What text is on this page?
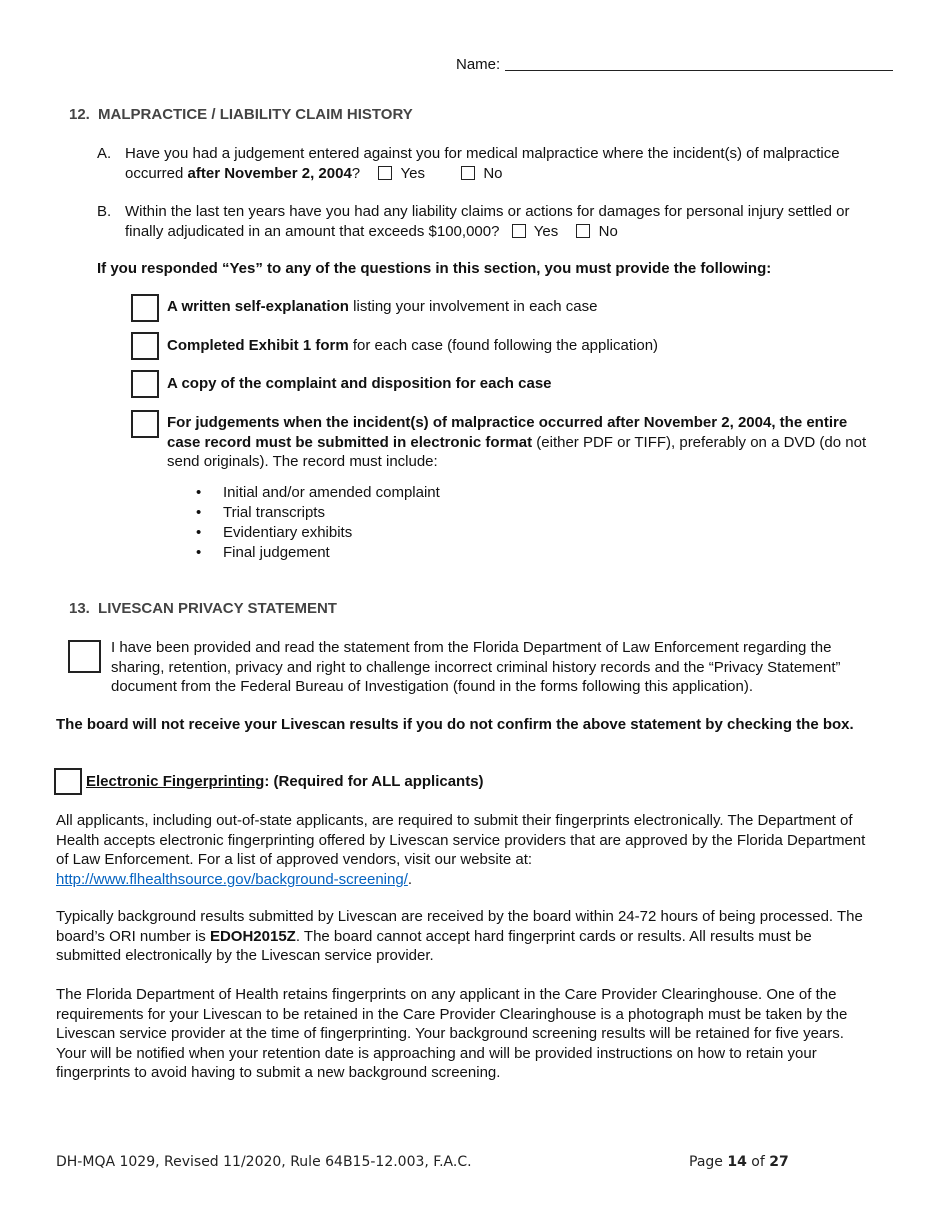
Name:
12. MALPRACTICE / LIABILITY CLAIM HISTORY
A. Have you had a judgement entered against you for medical malpractice where the incident(s) of malpractice
occurred after November 2, 2004?	Yes	No
B. Within the last ten years have you had any liability claims or actions for damages for personal injury settled or
finally adjudicated in an amount that exceeds $100,000? Yes	No
If you responded “Yes” to any of the questions in this section, you must provide the following:
A written self-explanation listing your involvement in each case
Completed Exhibit 1 form for each case (found following the application)
A copy of the complaint and disposition for each case
For judgements when the incident(s) of malpractice occurred after November 2, 2004, the entire
case record must be submitted in electronic format (either PDF or TIFF), preferably on a DVD (do not
send originals). The record must include:
• Initial and/or amended complaint
• Trial transcripts
• Evidentiary exhibits
• Final judgement
13. LIVESCAN PRIVACY STATEMENT
I have been provided and read the statement from the Florida Department of Law Enforcement regarding the
sharing, retention, privacy and right to challenge incorrect criminal history records and the “Privacy Statement”
document from the Federal Bureau of Investigation (found in the forms following this application).
The board will not receive your Livescan results if you do not confirm the above statement by checking the box.
Electronic Fingerprinting: (Required for ALL applicants)
All applicants, including out-of-state applicants, are required to submit their fingerprints electronically. The Department of
Health accepts electronic fingerprinting offered by Livescan service providers that are approved by the Florida Department
of Law Enforcement. For a list of approved vendors, visit our website at:
http://www.flhealthsource.gov/background-screening/.
Typically background results submitted by Livescan are received by the board within 24-72 hours of being processed. The
board’s ORI number is EDOH2015Z. The board cannot accept hard fingerprint cards or results. All results must be
submitted electronically by the Livescan service provider.
The Florida Department of Health retains fingerprints on any applicant in the Care Provider Clearinghouse. One of the
requirements for your Livescan to be retained in the Care Provider Clearinghouse is a photograph must be taken by the
Livescan service provider at the time of fingerprinting. Your background screening results will be retained for five years.
Your will be notified when your retention date is approaching and will be provided instructions on how to retain your
fingerprints to avoid having to submit a new background screening.
DH-MQA 1029, Revised 11/2020, Rule 64B15-12.003, F.A.C.	Page 14 of 27
